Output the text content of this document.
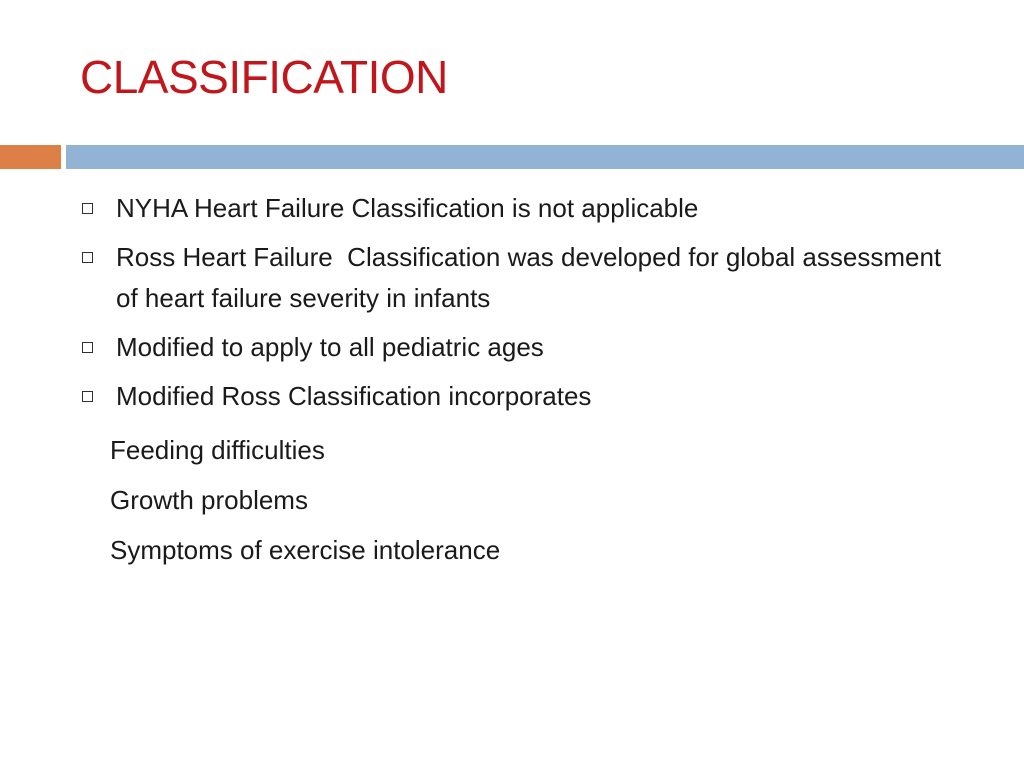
CLASSIFICATION
NYHA Heart Failure Classification is not applicable
Ross Heart Failure  Classification was developed for global assessment of heart failure severity in infants
Modified to apply to all pediatric ages
Modified Ross Classification incorporates
Feeding difficulties
Growth problems
Symptoms of exercise intolerance
